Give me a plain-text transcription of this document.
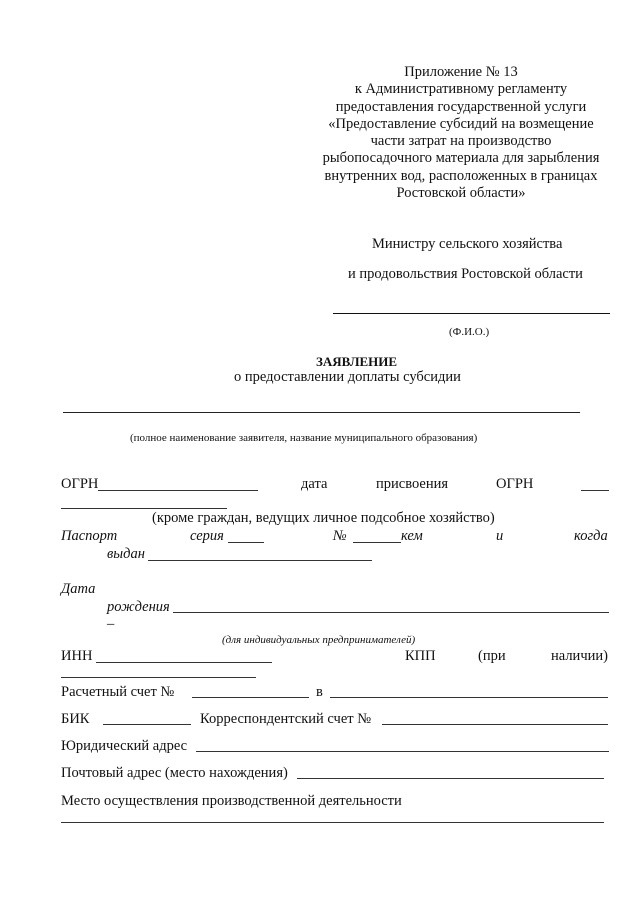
Приложение № 13
к Административному регламенту
предоставления государственной услуги
«Предоставление субсидий на возмещение
части затрат на производство
рыбопосадочного материала для зарыбления
внутренних вод, расположенных в границах
Ростовской области»
Министру сельского хозяйства
и продовольствия Ростовской области
(Ф.И.О.)
ЗАЯВЛЕНИЕ
о предоставлении доплаты субсидии
(полное наименование заявителя, название муниципального образования)
ОГРН	дата	присвоения	ОГРН
(кроме граждан, ведущих личное подсобное хозяйство)
Паспорт	серия	№	кем	и	когда
выдан
Дата
рождения
_
(для индивидуальных предпринимателей)
ИНН	КПП	(при	наличии)
Расчетный счет №	в
БИК	Корреспондентский счет №
Юридический адрес
Почтовый адрес (место нахождения)
Место осуществления производственной деятельности
